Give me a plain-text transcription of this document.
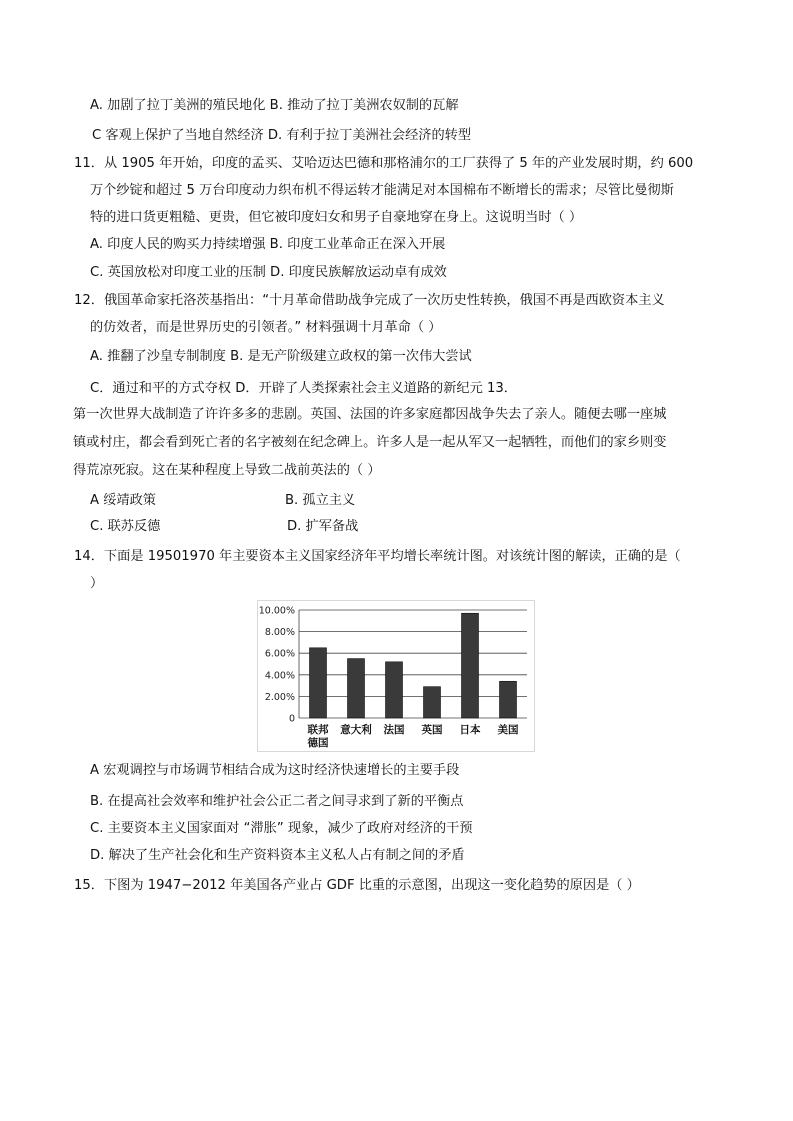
A. 加剧了拉丁美洲的殖民地化 B. 推动了拉丁美洲农奴制的瓦解
C 客观上保护了当地自然经济 D. 有利于拉丁美洲社会经济的转型
11．从 1905 年开始，印度的孟买、艾哈迈达巴德和那格浦尔的工厂获得了 5 年的产业发展时期，约 600
万个纱锭和超过 5 万台印度动力织布机不得运转才能满足对本国棉布不断增长的需求；尽管比曼彻斯
特的进口货更粗糙、更贵，但它被印度妇女和男子自豪地穿在身上。这说明当时（ ）
A. 印度人民的购买力持续增强 B. 印度工业革命正在深入开展
C. 英国放松对印度工业的压制 D. 印度民族解放运动卓有成效
12．俄国革命家托洛茨基指出：“十月革命借助战争完成了一次历史性转换，俄国不再是西欧资本主义
的仿效者，而是世界历史的引领者。” 材料强调十月革命（ ）
A. 推翻了沙皇专制制度 B. 是无产阶级建立政权的第一次伟大尝试
C．通过和平的方式夺权 D．开辟了人类探索社会主义道路的新纪元 13．
第一次世界大战制造了许许多多的悲剧。英国、法国的许多家庭都因战争失去了亲人。随便去哪一座城
镇或村庄，都会看到死亡者的名字被刻在纪念碑上。许多人是一起从军又一起牺牲，而他们的家乡则变
得荒凉死寂。这在某种程度上导致二战前英法的（ ）
A 绥靖政策	B. 孤立主义
C. 联苏反德	D. 扩军备战
14．下面是 19501970 年主要资本主义国家经济年平均增长率统计图。对该统计图的解读，正确的是（
）
0
2.00%
4.00%
6.00%
8.00%
10.00%
联邦
德国
意大利 法国 英国 日本 美国
A 宏观调控与市场调节相结合成为这时经济快速增长的主要手段
B. 在提高社会效率和维护社会公正二者之间寻求到了新的平衡点
C. 主要资本主义国家面对 “滞胀” 现象，减少了政府对经济的干预
D. 解决了生产社会化和生产资料资本主义私人占有制之间的矛盾
15．下图为 1947−2012 年美国各产业占 GDF 比重的示意图，出现这一变化趋势的原因是（ ）
